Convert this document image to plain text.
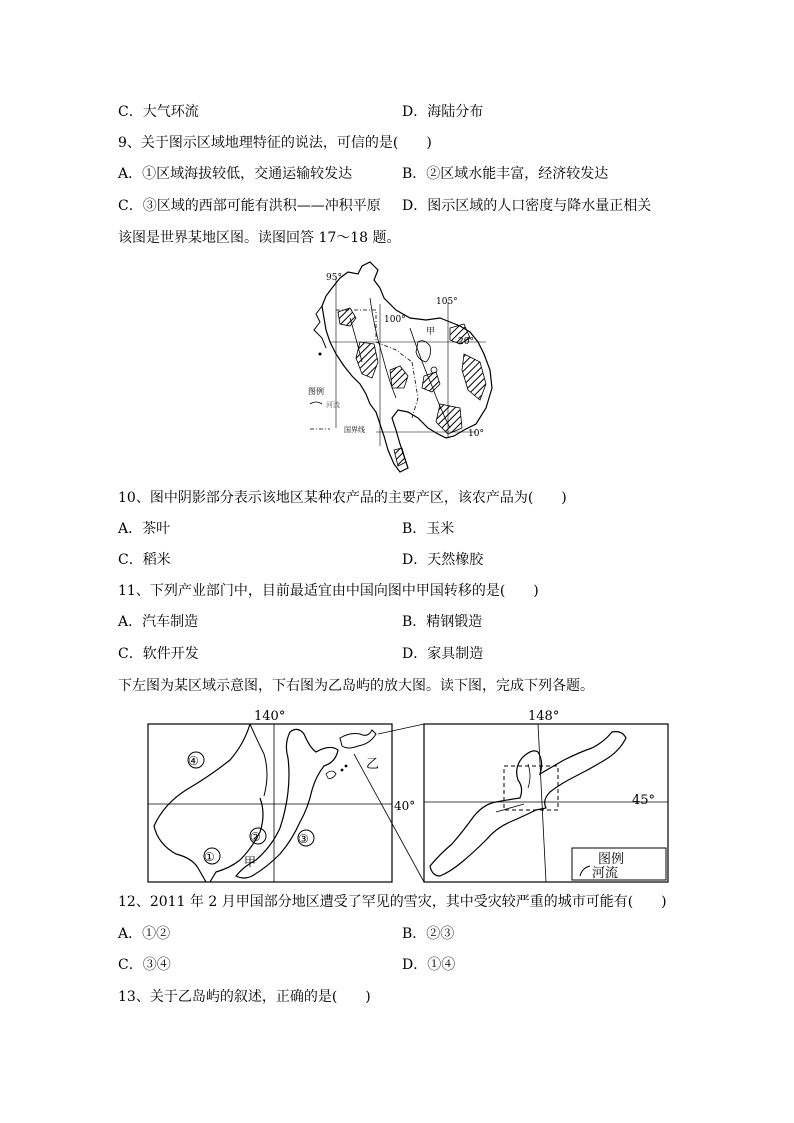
C．大气环流	D．海陆分布
9、关于图示区域地理特征的说法，可信的是(　　)
A．①区域海拔较低，交通运输较发达	B．②区域水能丰富，经济较发达
C．③区域的西部可能有洪积——冲积平原 D．图示区域的人口密度与降水量正相关
该图是世界某地区图。读图回答 17～18 题。
95°
100°
105°
20°
10°
甲
图例
河流
国界线
10、图中阴影部分表示该地区某种农产品的主要产区，该农产品为(　　)
A．茶叶	B．玉米
C．稻米	D．天然橡胶
11、下列产业部门中，目前最适宜由中国向图中甲国转移的是(　　)
A．汽车制造	B．精钢锻造
C．软件开发	D．家具制造
下左图为某区域示意图，下右图为乙岛屿的放大图。读下图，完成下列各题。
140°
④
②	③
① 甲
乙
40°
148°
45°
图例
河流
12、2011 年 2 月甲国部分地区遭受了罕见的雪灾，其中受灾较严重的城市可能有(　　)
A．①②	B．②③
C．③④	D．①④
13、关于乙岛屿的叙述，正确的是(　　)
